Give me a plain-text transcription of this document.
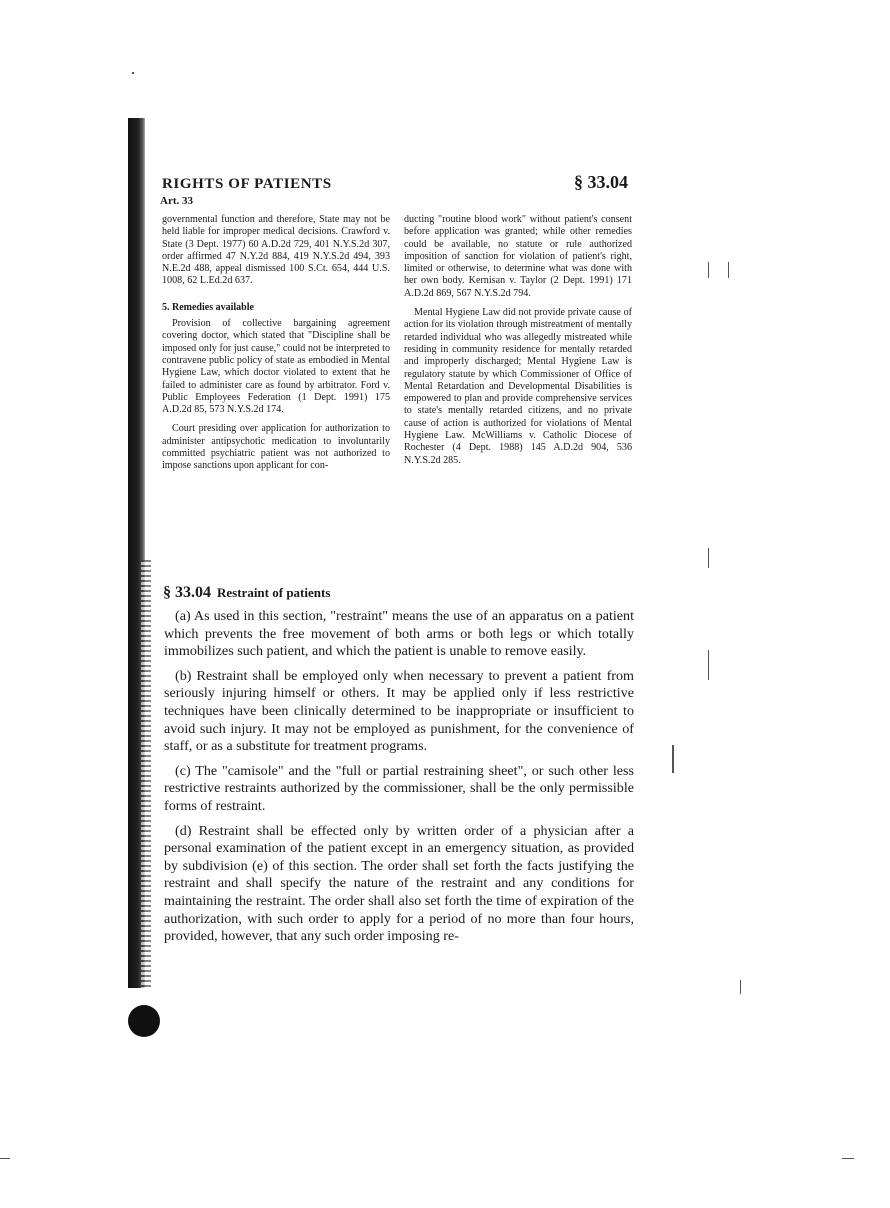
RIGHTS OF PATIENTS
Art. 33
§ 33.04

governmental function and therefore, State may not be held liable for improper medical decisions. Crawford v. State (3 Dept. 1977) 60 A.D.2d 729, 401 N.Y.S.2d 307, order affirmed 47 N.Y.2d 884, 419 N.Y.S.2d 494, 393 N.E.2d 488, appeal dismissed 100 S.Ct. 654, 444 U.S. 1008, 62 L.Ed.2d 637.

5. Remedies available

Provision of collective bargaining agreement covering doctor, which stated that "Discipline shall be imposed only for just cause," could not be interpreted to contravene public policy of state as embodied in Mental Hygiene Law, which doctor violated to extent that he failed to administer care as found by arbitrator. Ford v. Public Employees Federation (1 Dept. 1991) 175 A.D.2d 85, 573 N.Y.S.2d 174.

Court presiding over application for authorization to administer antipsychotic medication to involuntarily committed psychiatric patient was not authorized to impose sanctions upon applicant for con-

ducting "routine blood work" without patient's consent before application was granted; while other remedies could be available, no statute or rule authorized imposition of sanction for violation of patient's right, limited or otherwise, to determine what was done with her own body. Kernisan v. Taylor (2 Dept. 1991) 171 A.D.2d 869, 567 N.Y.S.2d 794.

Mental Hygiene Law did not provide private cause of action for its violation through mistreatment of mentally retarded individual who was allegedly mistreated while residing in community residence for mentally retarded and improperly discharged; Mental Hygiene Law is regulatory statute by which Commissioner of Office of Mental Retardation and Developmental Disabilities is empowered to plan and provide comprehensive services to state's mentally retarded citizens, and no private cause of action is authorized for violations of Mental Hygiene Law. McWilliams v. Catholic Diocese of Rochester (4 Dept. 1988) 145 A.D.2d 904, 536 N.Y.S.2d 285.

§ 33.04 Restraint of patients

(a) As used in this section, "restraint" means the use of an apparatus on a patient which prevents the free movement of both arms or both legs or which totally immobilizes such patient, and which the patient is unable to remove easily.

(b) Restraint shall be employed only when necessary to prevent a patient from seriously injuring himself or others. It may be applied only if less restrictive techniques have been clinically determined to be inappropriate or insufficient to avoid such injury. It may not be employed as punishment, for the convenience of staff, or as a substitute for treatment programs.

(c) The "camisole" and the "full or partial restraining sheet", or such other less restrictive restraints authorized by the commissioner, shall be the only permissible forms of restraint.

(d) Restraint shall be effected only by written order of a physician after a personal examination of the patient except in an emergency situation, as provided by subdivision (e) of this section. The order shall set forth the facts justifying the restraint and shall specify the nature of the restraint and any conditions for maintaining the restraint. The order shall also set forth the time of expiration of the authorization, with such order to apply for a period of no more than four hours, provided, however, that any such order imposing re-
